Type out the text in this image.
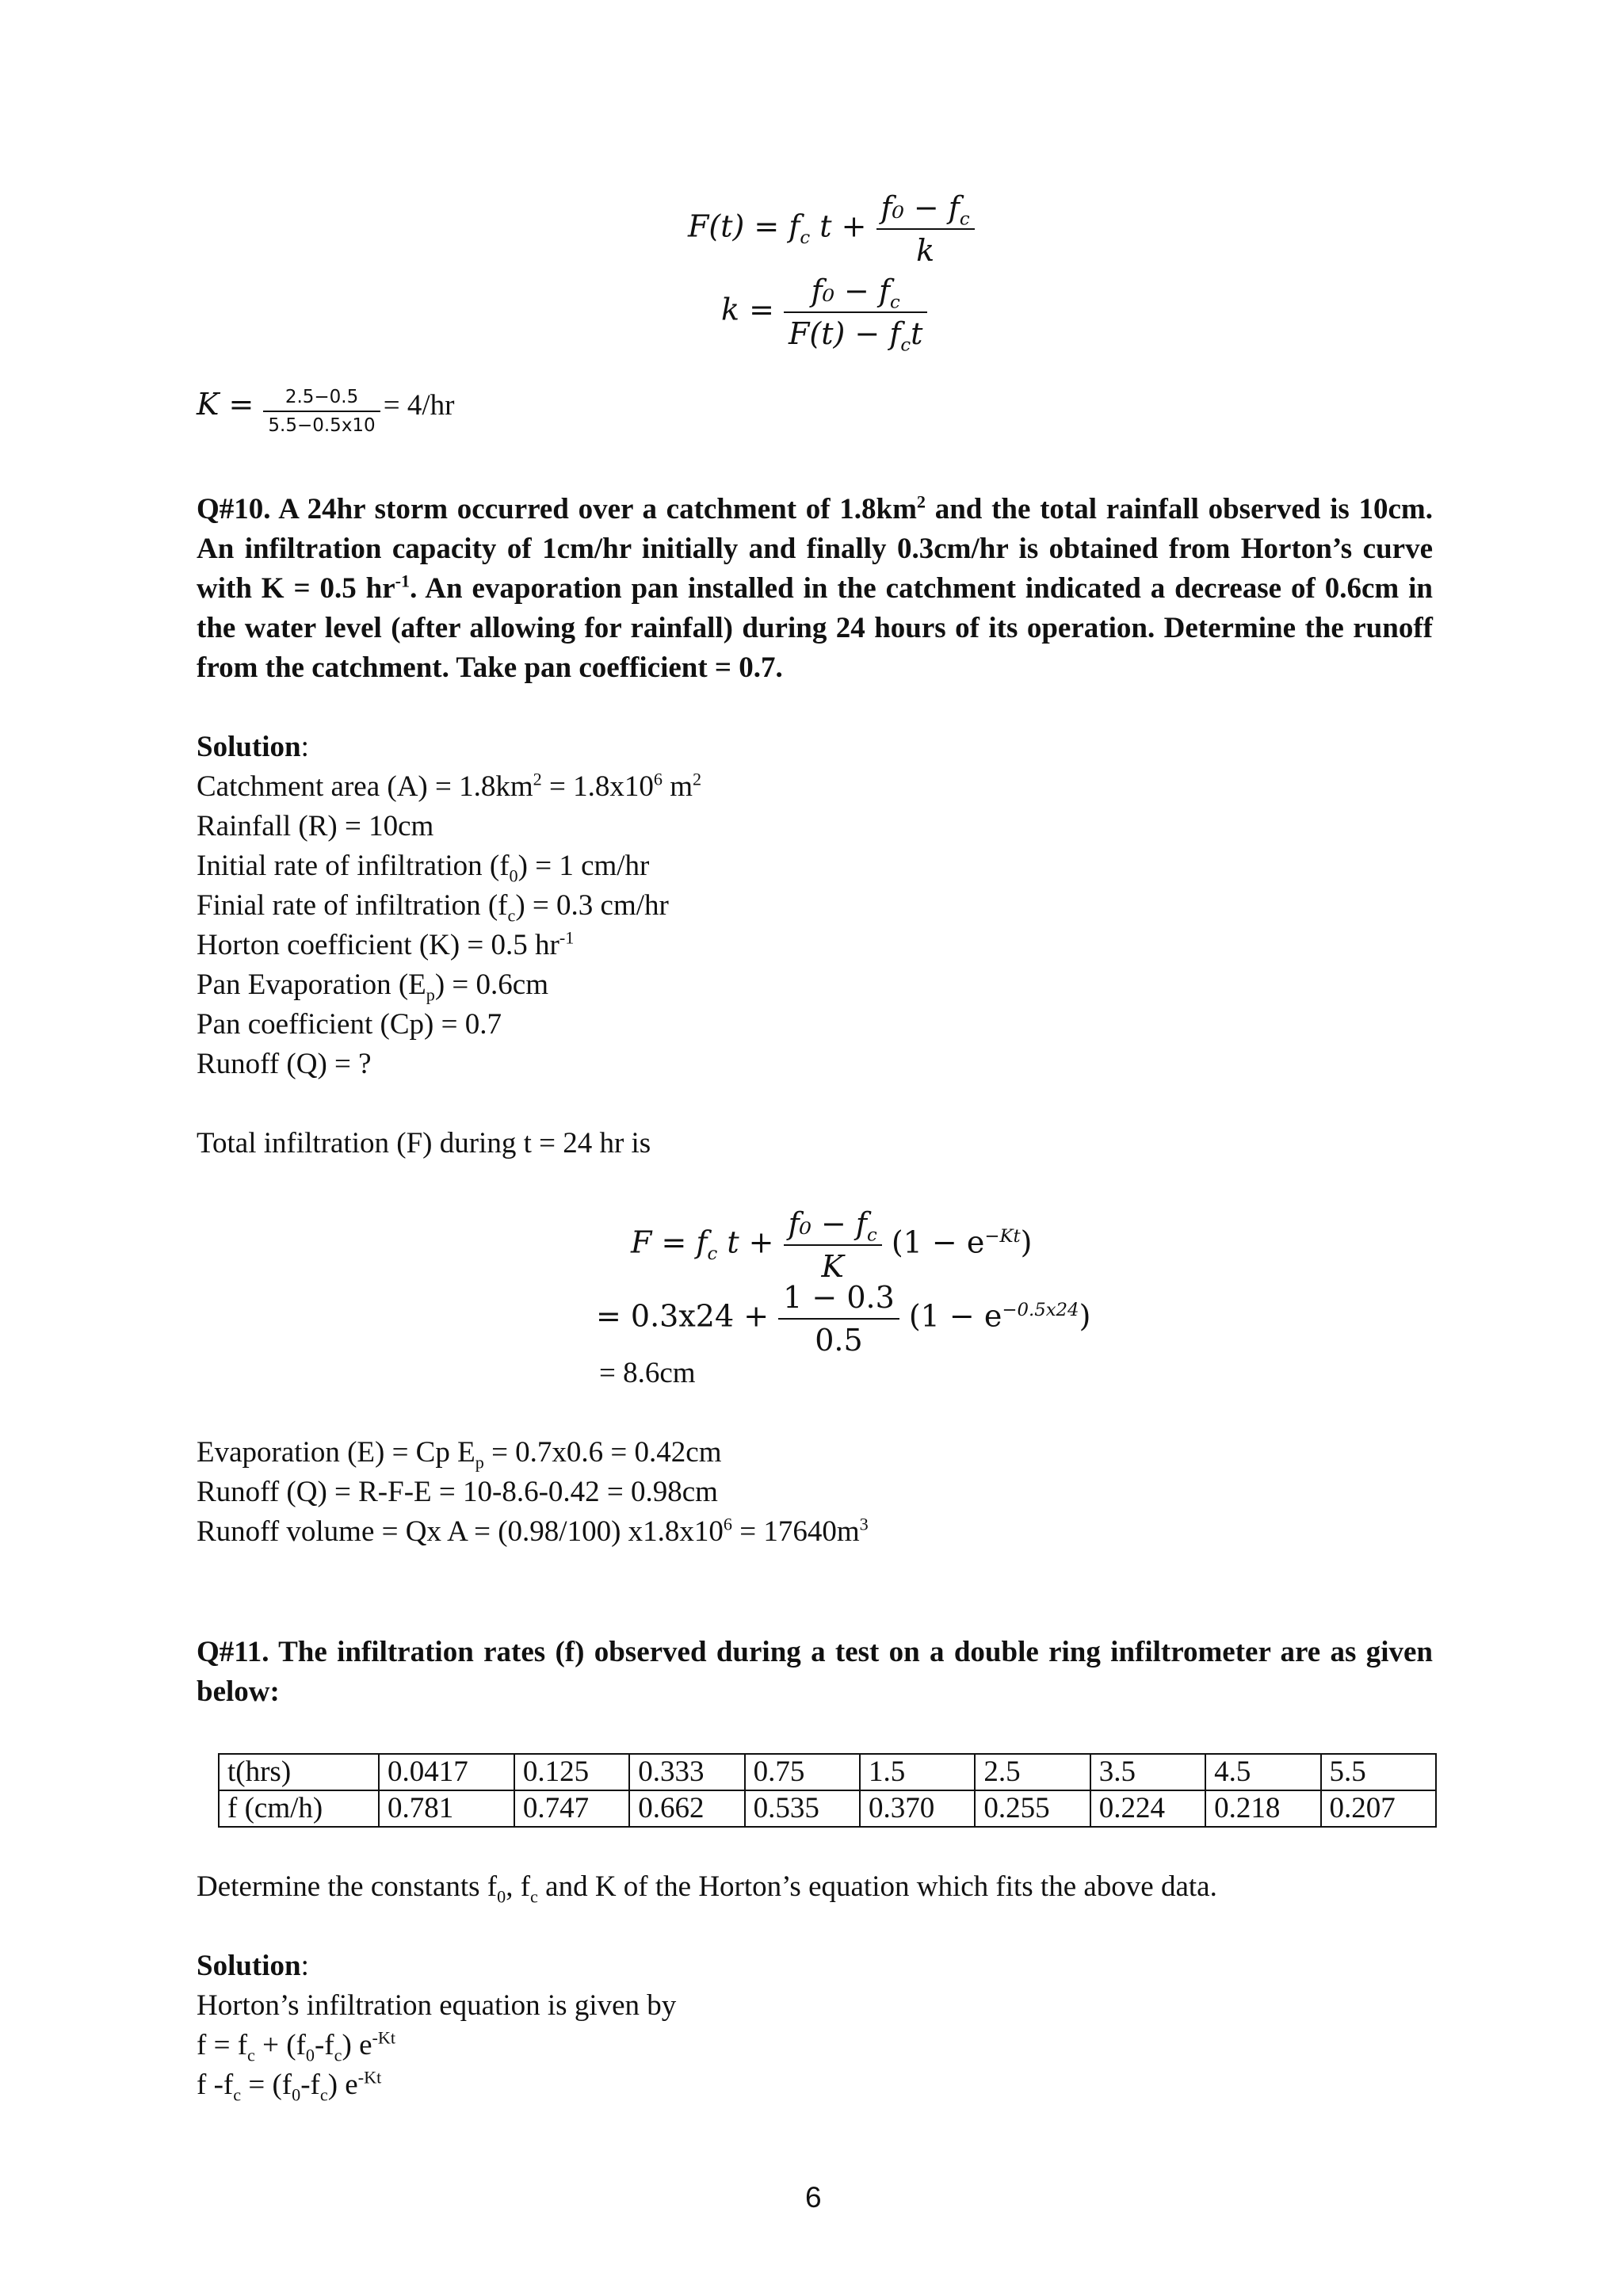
$F(t) = f_c$ $t + \frac{f_0 - f_c}{k}$
$k = \frac{f_0 - f_c}{F(t) - f_ct}$
$K = \frac{2.5-0.5}{5.5-0.5x10} = 4/hr$
Q#10. A 24hr storm occurred over a catchment of $1.8km^2$ and the total rainfall observed is 10cm. An infiltration capacity of 1cm/hr initially and finally 0.3cm/hr is obtained from Horton’s curve with K = 0.5 $hr^{-1}$. An evaporation pan installed in the catchment indicated a decrease of 0.6cm in the water level (after allowing for rainfall) during 24 hours of its operation. Determine the runoff from the catchment. Take pan coefficient = 0.7.
Solution:
Catchment area $(A) = 1.8km^2 = 1.8x10^6$ $m^2$
Rainfall (R) = 10cm
Initial rate of infiltration $(f_0) = 1$ cm/hr
Finial rate of infiltration $(f_c) = 0.3$ cm/hr
Horton coefficient (K) = 0.5 $hr^{-1}$
Pan Evaporation $(E_p) = 0.6cm$
Pan coefficient (Cp) = 0.7
Runoff (Q) = ?
Total infiltration (F) during t = 24 hr is
$F = f_c$ $t + \frac{f_0 - f_c}{K} (1 - e^{-Kt})$
= $0.3x24 + \frac{1 - 0.3}{0.5} (1 - e^{-0.5x24})$
= 8.6cm
Evaporation (E) = Cp $E_p = 0.7x0.6 = 0.42cm$
Runoff (Q) = R-F-E = 10-8.6-0.42 = 0.98cm
Runoff volume = Qx A = (0.98/100) $x1.8x10^6 = 17640m^3$
Q#11. The infiltration rates (f) observed during a test on a double ring infiltrometer are as given below:
t(hrs)	0.0417	0.125	0.333	0.75	1.5	2.5	3.5	4.5	5.5
f (cm/h)	0.781	0.747	0.662	0.535	0.370	0.255	0.224	0.218	0.207
Determine the constants $f_0$, $f_c$ and K of the Horton’s equation which fits the above data.
Solution:
Horton’s infiltration equation is given by
$f = f_c + (f_0-f_c)$ $e^{-Kt}$
f $-f_c = (f_0-f_c)$ $e^{-Kt}$
6
